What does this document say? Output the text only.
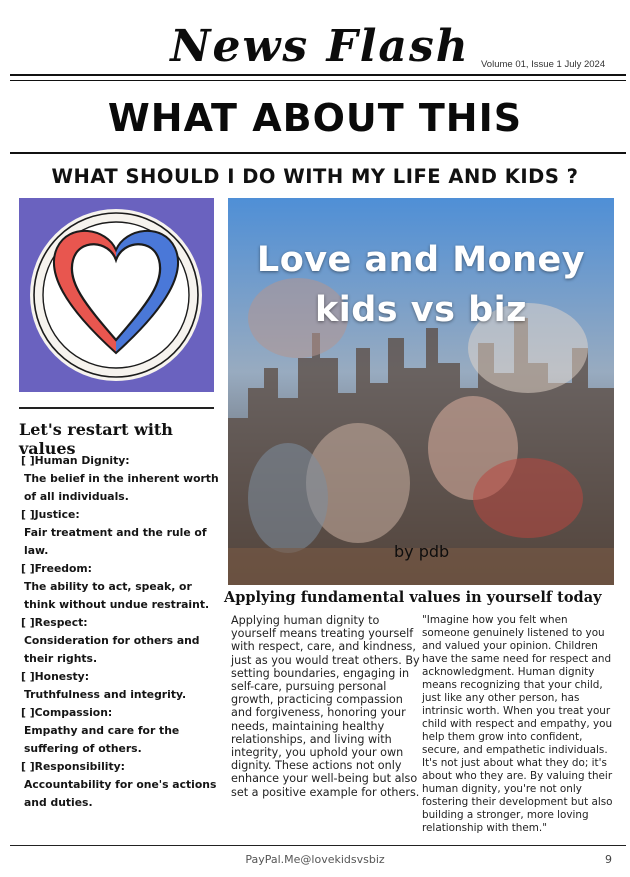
News Flash Volume 01, Issue 1 July 2024
WHAT ABOUT THIS
WHAT SHOULD I DO WITH MY LIFE AND KIDS ?
Let's restart with values
[ ]Human Dignity:
The belief in the inherent worth of all individuals.
[ ]Justice:
Fair treatment and the rule of law.
[ ]Freedom:
The ability to act, speak, or think without undue restraint.
[ ]Respect:
Consideration for others and their rights.
[ ]Honesty:
Truthfulness and integrity.
[ ]Compassion:
Empathy and care for the suffering of others.
[ ]Responsibility:
Accountability for one's actions and duties.
Love and Money
kids vs biz
by pdb
Applying fundamental values in yourself today
Applying human dignity to yourself means treating yourself with respect, care, and kindness, just as you would treat others. By setting boundaries, engaging in self-care, pursuing personal growth, practicing compassion and forgiveness, honoring your needs, maintaining healthy relationships, and living with integrity, you uphold your own dignity. These actions not only enhance your well-being but also set a positive example for others.
"Imagine how you felt when someone genuinely listened to you and valued your opinion. Children have the same need for respect and acknowledgment. Human dignity means recognizing that your child, just like any other person, has intrinsic worth. When you treat your child with respect and empathy, you help them grow into confident, secure, and empathetic individuals. It's not just about what they do; it's about who they are. By valuing their human dignity, you're not only fostering their development but also building a stronger, more loving relationship with them."
PayPal.Me@lovekidsvsbiz	9
